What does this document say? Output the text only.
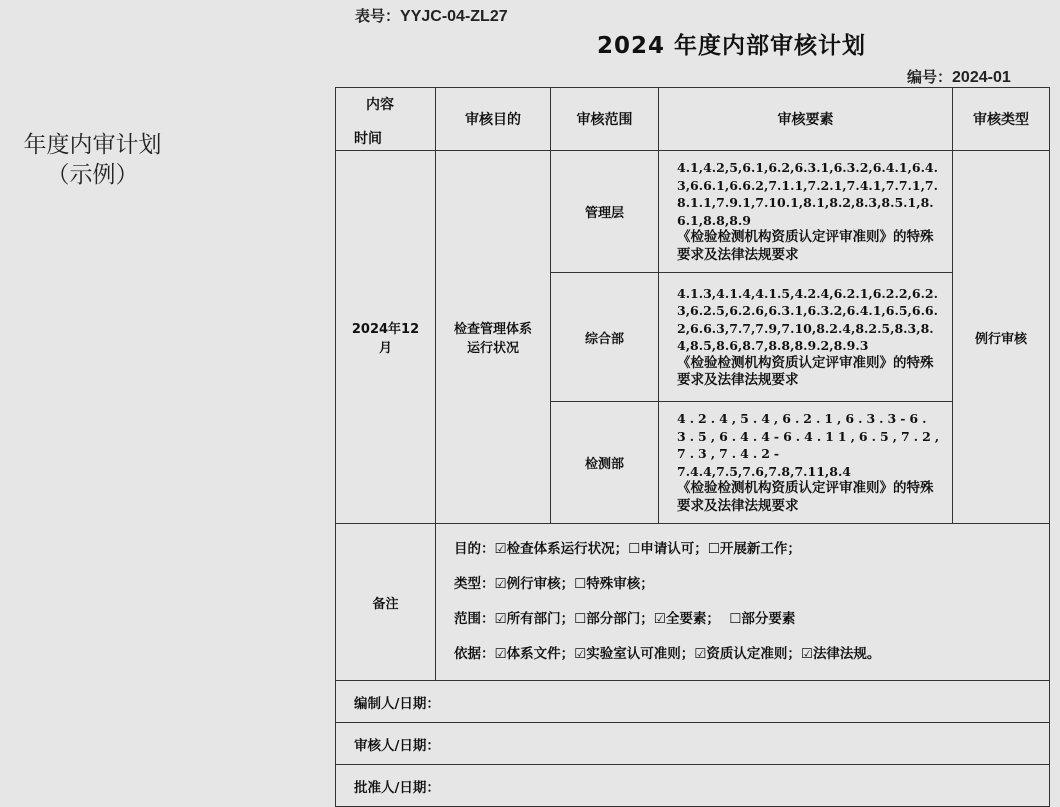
年度内审计划
（示例）
表号：YYJC-04-ZL27
2024 年度内部审核计划
编号：2024-01
内容
时间	审核目的	审核范围	审核要素	审核类型
2024年12月	检查管理体系运行状况	管理层	4.1,4.2,5,6.1,6.2,6.3.1,6.3.2,6.4.1,6.4.3,6.6.1,6.6.2,7.1.1,7.2.1,7.4.1,7.7.1,7.8.1.1,7.9.1,7.10.1,8.1,8.2,8.3,8.5.1,8.6.1,8.8,8.9
《检验检测机构资质认定评审准则》的特殊要求及法律法规要求	例行审核
		综合部	4.1.3,4.1.4,4.1.5,4.2.4,6.2.1,6.2.2,6.2.3,6.2.5,6.2.6,6.3.1,6.3.2,6.4.1,6.5,6.6.2,6.6.3,7.7,7.9,7.10,8.2.4,8.2.5,8.3,8.4,8.5,8.6,8.7,8.8,8.9.2,8.9.3
《检验检测机构资质认定评审准则》的特殊要求及法律法规要求	

		检测部	4.2.4,5.4,6.2.1,6.3.3-6.3.5,6.4.4-6.4.11,6.5,7.2,7.3,7.4.2-
7.4.4,7.5,7.6,7.8,7.11,8.4
《检验检测机构资质认定评审准则》的特殊要求及法律法规要求	

备注	目的：☑检查体系运行状况；☐申请认可；☐开展新工作；
类型：☑例行审核；☐特殊审核；
范围：☑所有部门；☐部分部门；☑全要素； ☐部分要素
依据：☑体系文件；☑实验室认可准则；☑资质认定准则；☑法律法规。			

编制人/日期：				
审核人/日期：				
批准人/日期：				
